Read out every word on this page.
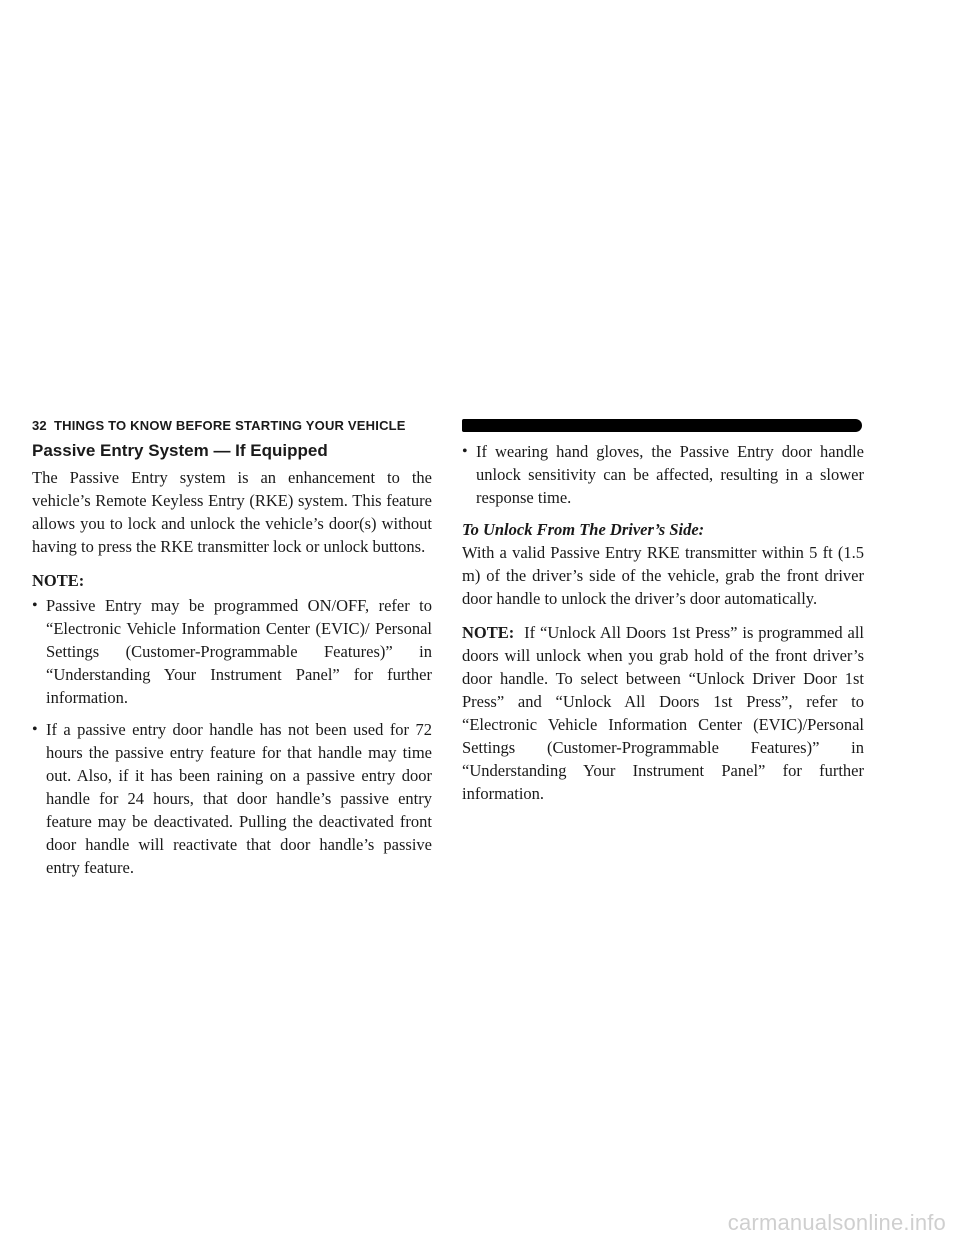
32 THINGS TO KNOW BEFORE STARTING YOUR VEHICLE
Passive Entry System — If Equipped

The Passive Entry system is an enhancement to the vehicle’s Remote Keyless Entry (RKE) system. This feature allows you to lock and unlock the vehicle’s door(s) without having to press the RKE transmitter lock or unlock buttons.

NOTE:

• Passive Entry may be programmed ON/OFF, refer to “Electronic Vehicle Information Center (EVIC)/ Personal Settings (Customer-Programmable Features)” in “Understanding Your Instrument Panel” for further information.
• If a passive entry door handle has not been used for 72 hours the passive entry feature for that handle may time out. Also, if it has been raining on a passive entry door handle for 24 hours, that door handle’s passive entry feature may be deactivated. Pulling the deactivated front door handle will reactivate that door handle’s passive entry feature.
• If wearing hand gloves, the Passive Entry door handle unlock sensitivity can be affected, resulting in a slower response time.
To Unlock From The Driver’s Side:

With a valid Passive Entry RKE transmitter within 5 ft (1.5 m) of the driver’s side of the vehicle, grab the front driver door handle to unlock the driver’s door automatically.

NOTE: If “Unlock All Doors 1st Press” is programmed all doors will unlock when you grab hold of the front driver’s door handle. To select between “Unlock Driver Door 1st Press” and “Unlock All Doors 1st Press”, refer to “Electronic Vehicle Information Center (EVIC)/Personal Settings (Customer-Programmable Features)” in “Understanding Your Instrument Panel” for further information.

carmanualsonline.info
